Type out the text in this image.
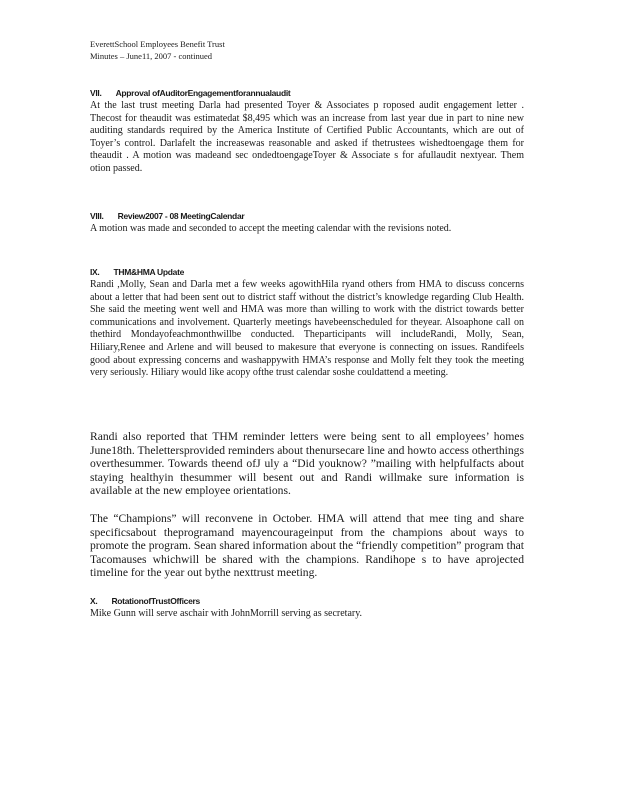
EverettSchool Employees Benefit Trust
Minutes – June11, 2007 - continued
VII. Approval ofAuditorEngagementforannualaudit

At the last trust meeting Darla had presented Toyer & Associates p roposed audit engagement letter . Thecost for theaudit was estimatedat $8,495 which was an increase from last year due in part to nine new auditing standards required by the America Institute of Certified Public Accountants, which are out of Toyer’s control. Darlafelt the increasewas reasonable and asked if thetrustees wishedtoengage them for theaudit . A motion was madeand sec ondedtoengageToyer & Associate s for afullaudit nextyear. Them otion passed.

VIII. Review2007 - 08 MeetingCalendar

A motion was made and seconded to accept the meeting calendar with the revisions noted.

IX. THM&HMA Update

Randi ,Molly, Sean and Darla met a few weeks agowithHila ryand others from HMA to discuss concerns about a letter that had been sent out to district staff without the district’s knowledge regarding Club Health. She said the meeting went well and HMA was more than willing to work with the district towards better communications and involvement. Quarterly meetings havebeenscheduled for theyear. Alsoaphone call on thethird Mondayofeachmonthwillbe conducted. Theparticipants will includeRandi, Molly, Sean, Hiliary,Renee and Arlene and will beused to makesure that everyone is connecting on issues. Randifeels good about expressing concerns and washappywith HMA’s response and Molly felt they took the meeting very seriously. Hiliary would like acopy ofthe trust calendar soshe couldattend a meeting.

Randi also reported that THM reminder letters were being sent to all employees’ homes June18th. Thelettersprovided reminders about thenursecare line and howto access otherthings overthesummer. Towards theend ofJ uly a “Did youknow? ”mailing with helpfulfacts about staying healthyin thesummer will besent out and Randi willmake sure information is available at the new employee orientations.

The “Champions” will reconvene in October. HMA will attend that mee ting and share specificsabout theprogramand mayencourageinput from the champions about ways to promote the program. Sean shared information about the “friendly competition” program that Tacomauses whichwill be shared with the champions. Randihope s to have aprojected timeline for the year out bythe nexttrust meeting.

X. RotationofTrustOfficers

Mike Gunn will serve aschair with JohnMorrill serving as secretary.
